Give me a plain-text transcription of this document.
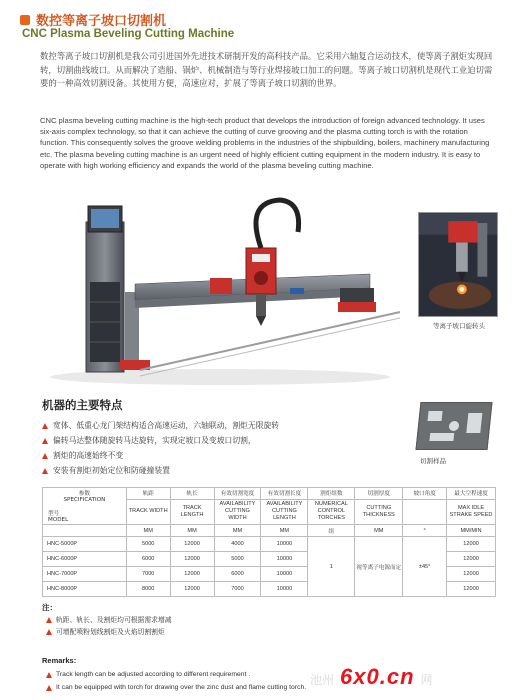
数控等离子坡口切割机
CNC Plasma Beveling Cutting Machine

数控等离子坡口切割机是我公司引进国外先进技术研制开发的高科技产品。它采用六轴复合运动技术，使等离子割炬实现回转，切割曲线坡口。从而解决了造船、锅炉、机械制造与等行业焊接坡口加工的问题。等离子坡口切割机是现代工业迫切需要的一种高效切割设备。其使用方便，高速应对，扩展了等离子坡口切割的世界。

CNC plasma beveling cutting machine is the high-tech product that develops the introduction of foreign advanced technology. It uses six-axis complex technology, so that it can achieve the cutting of curve grooving and the plasma cutting torch is with the rotation function. This consequently solves the groove welding problems in the industries of the shipbuilding, boilers, machinery manufacturing etc. The plasma beveling cutting machine is an urgent need of highly efficient cutting equipment in the modern industry. It is easy to operate with high working efficiency and expands the world of the plasma beveling cutting machine.

等离子坡口旋转头
机器的主要特点
宽体、低重心龙门架结构适合高速运动，六轴联动，割炬无限旋转
偏转马达整体随旋转马达旋转，实现定坡口及变坡口切割，
割炬的高速始终不变
安装有割炬初始定位和防碰撞装置
切割样品
参数
SPECIFICATION
型号
MODEL	轨距	轨长	有效切割宽度	有效切割长度	割炬组数	切割厚度	坡口角度	最大空程速度
	TRACK WIDTH	TRACK LENGTH	AVAILABILITY CUTTING WIDTH	AVAILABILITY CUTTING LENGTH	NUMERICAL CONTROL TORCHES	CUTTING THICKNESS		MAX IDLE STRAKE SPEED
	MM	MM	MM	MM	组	MM	°	MM/MIN
HNC-5000P	5000	12000	4000	10000	1	视等离子电源而定	±45°	12000
HNC-6000P	6000	12000	5000	10000				12000
HNC-7000P	7000	12000	6000	10000				12000
HNC-8000P	8000	12000	7000	10000				12000
注：
轨距、轨长、及割炬均可根据需求增减
可增配喷粉划线割炬及火焰切割割炬
Remarks:
Track length can be adjusted according to different requirement .
It can be equipped with torch for drawing over the zinc dust and flame cutting torch.
池州 6x0.cn 网
